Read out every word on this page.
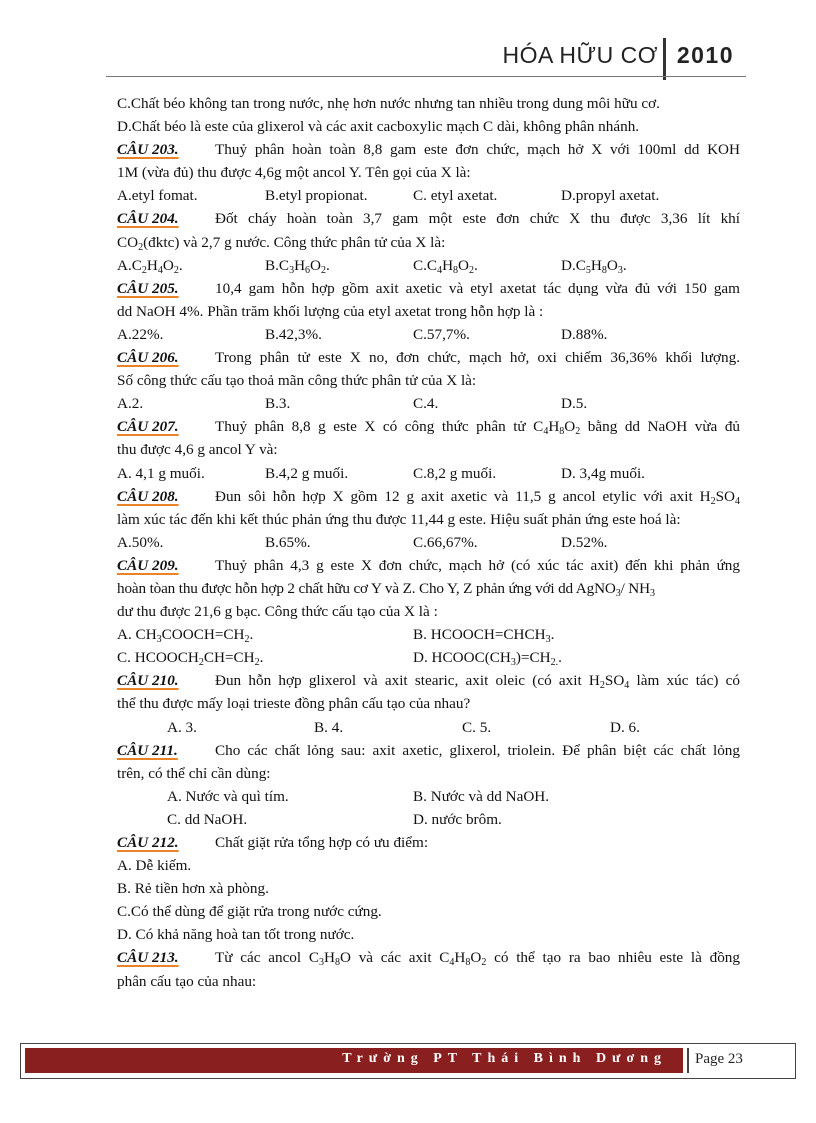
HÓA HỮU CƠ 2010
C.Chất béo không tan trong nước, nhẹ hơn nước nhưng tan nhiều trong dung môi hữu cơ.
D.Chất béo là este của glixerol và các axit cacboxylic mạch C dài, không phân nhánh.
CÂU 203. Thuỷ phân hoàn toàn 8,8 gam este đơn chức, mạch hở X với 100ml dd KOH
1M (vừa đủ) thu được 4,6g một ancol Y. Tên gọi của X là:
A.etyl fomat.	B.etyl propionat.	C. etyl axetat.	D.propyl axetat.
CÂU 204. Đốt cháy hoàn toàn 3,7 gam một este đơn chức X thu được 3,36 lít khí
$CO_2(đktc)$ và 2,7 g nước. Công thức phân tử của X là:
$A.C_2H_4O_2$.	$B.C_3H_6O_2$.	$C.C_4H_8O_2$.	$D.C_5H_8O_3$.
CÂU 205. 10,4 gam hỗn hợp gồm axit axetic và etyl axetat tác dụng vừa đủ với 150 gam
dd NaOH 4%. Phần trăm khối lượng của etyl axetat trong hỗn hợp là :
A.22%.	B.42,3%.	C.57,7%.	D.88%.
CÂU 206. Trong phân tử este X no, đơn chức, mạch hở, oxi chiếm 36,36% khối lượng.
Số công thức cấu tạo thoả mãn công thức phân tử của X là:
A.2.	B.3.	C.4.	D.5.
CÂU 207. Thuỷ phân 8,8 g este X có công thức phân tử $C_4H_8O_2$ bằng dd NaOH vừa đủ
thu được 4,6 g ancol Y và:
A. 4,1 g muối.	B.4,2 g muối.	C.8,2 g muối.	D. 3,4g muối.
CÂU 208. Đun sôi hỗn hợp X gồm 12 g axit axetic và 11,5 g ancol etylic với axit $H_2SO_4$
làm xúc tác đến khi kết thúc phản ứng thu được 11,44 g este. Hiệu suất phản ứng este hoá là:
A.50%.	B.65%.	C.66,67%.	D.52%.
CÂU 209. Thuỷ phân 4,3 g este X đơn chức, mạch hở (có xúc tác axit) đến khi phản ứng
hoàn tòan thu được hỗn hợp 2 chất hữu cơ Y và Z. Cho Y, Z phản ứng với dd AgNO$_3$/ $NH_3$
dư thu được 21,6 g bạc. Công thức cấu tạo của X là :
A. $CH_3COOCH=CH_2$.	B. $HCOOCH=CHCH_3$.
C. $HCOOCH_2CH=CH_2$.	D. $HCOOC(CH_3)=CH_{2.}$.
CÂU 210. Đun hỗn hợp glixerol và axit stearic, axit oleic (có axit $H_2SO_4$ làm xúc tác) có
thể thu được mấy loại trieste đồng phân cấu tạo của nhau?
A. 3.	B. 4.	C. 5.	D. 6.
CÂU 211. Cho các chất lỏng sau: axit axetic, glixerol, triolein. Để phân biệt các chất lỏng
trên, có thể chỉ cần dùng:
A. Nước và quì tím.	B. Nước và dd NaOH.
C. dd NaOH.	D. nước brôm.
CÂU 212. Chất giặt rửa tổng hợp có ưu điểm:
A. Dễ kiếm.
B. Rẻ tiền hơn xà phòng.
C.Có thể dùng để giặt rửa trong nước cứng.
D. Có khả năng hoà tan tốt trong nước.
CÂU 213. Từ các ancol $C_3H_8O$ và các axit $C_4H_8O_2$ có thể tạo ra bao nhiêu este là đồng
phân cấu tạo của nhau:
Trường PT Thái Bình Dương Page 23
